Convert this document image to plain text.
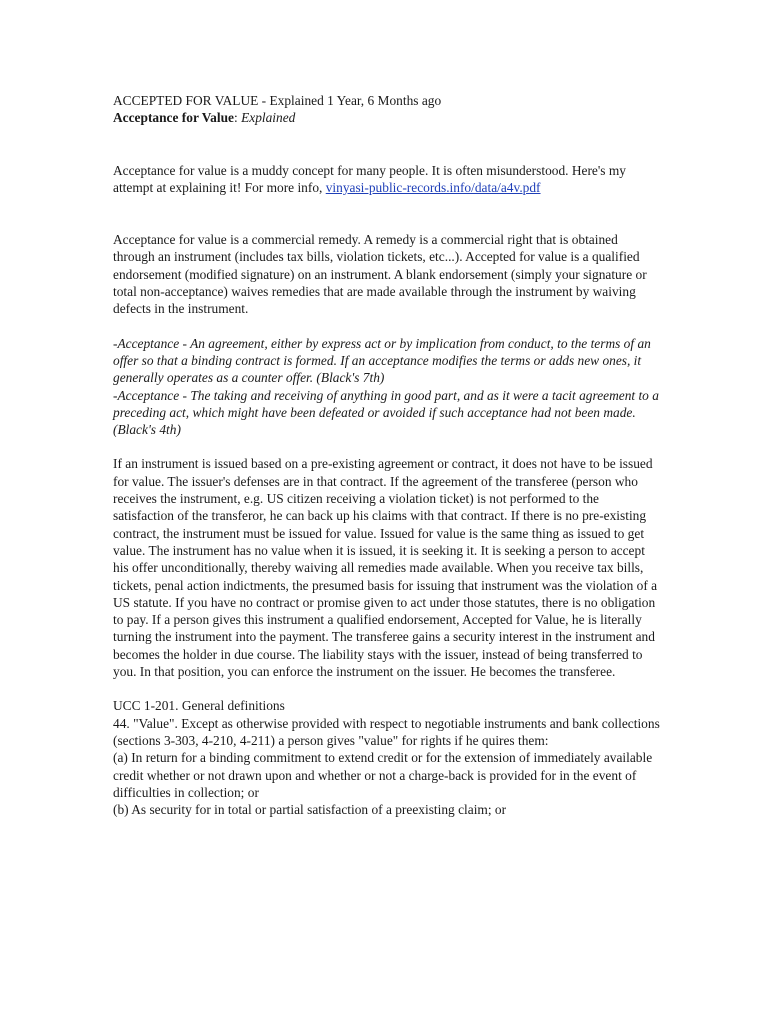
ACCEPTED FOR VALUE - Explained 1 Year, 6 Months ago

Acceptance for Value: Explained

Acceptance for value is a muddy concept for many people. It is often misunderstood. Here's my attempt at explaining it! For more info, vinyasi-public-records.info/data/a4v.pdf

Acceptance for value is a commercial remedy. A remedy is a commercial right that is obtained through an instrument (includes tax bills, violation tickets, etc...). Accepted for value is a qualified endorsement (modified signature) on an instrument. A blank endorsement (simply your signature or total non-acceptance) waives remedies that are made available through the instrument by waiving defects in the instrument.

-Acceptance - An agreement, either by express act or by implication from conduct, to the terms of an offer so that a binding contract is formed. If an acceptance modifies the terms or adds new ones, it generally operates as a counter offer. (Black's 7th)

-Acceptance - The taking and receiving of anything in good part, and as it were a tacit agreement to a preceding act, which might have been defeated or avoided if such acceptance had not been made. (Black's 4th)

If an instrument is issued based on a pre-existing agreement or contract, it does not have to be issued for value. The issuer's defenses are in that contract. If the agreement of the transferee (person who receives the instrument, e.g. US citizen receiving a violation ticket) is not performed to the satisfaction of the transferor, he can back up his claims with that contract. If there is no pre-existing contract, the instrument must be issued for value. Issued for value is the same thing as issued to get value. The instrument has no value when it is issued, it is seeking it. It is seeking a person to accept his offer unconditionally, thereby waiving all remedies made available. When you receive tax bills, tickets, penal action indictments, the presumed basis for issuing that instrument was the violation of a US statute. If you have no contract or promise given to act under those statutes, there is no obligation to pay. If a person gives this instrument a qualified endorsement, Accepted for Value, he is literally turning the instrument into the payment. The transferee gains a security interest in the instrument and becomes the holder in due course. The liability stays with the issuer, instead of being transferred to you. In that position, you can enforce the instrument on the issuer. He becomes the transferee.

UCC 1-201. General definitions

44. "Value". Except as otherwise provided with respect to negotiable instruments and bank collections (sections 3-303, 4-210, 4-211) a person gives "value" for rights if he quires them:

(a) In return for a binding commitment to extend credit or for the extension of immediately available credit whether or not drawn upon and whether or not a charge-back is provided for in the event of difficulties in collection; or

(b) As security for in total or partial satisfaction of a preexisting claim; or
